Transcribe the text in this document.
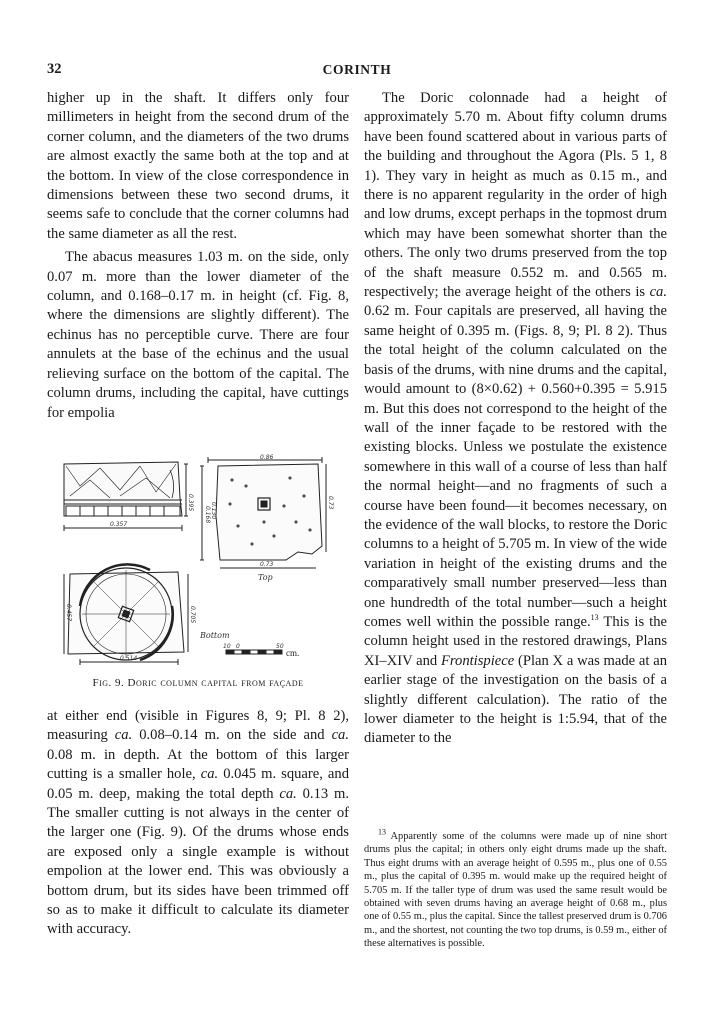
32	CORINTH

higher up in the shaft. It differs only four millimeters in height from the second drum of the corner column, and the diameters of the two drums are almost exactly the same both at the top and at the bottom. In view of the close correspondence in dimensions between these two second drums, it seems safe to conclude that the corner columns had the same diameter as all the rest.

The abacus measures 1.03 m. on the side, only 0.07 m. more than the lower diameter of the column, and 0.168–0.17 m. in height (cf. Fig. 8, where the dimensions are slightly different). The echinus has no perceptible curve. There are four annulets at the base of the echinus and the usual relieving surface on the bottom of the capital. The column drums, including the capital, have cuttings for empolia

0.395
0.357
0.86
0.168 0.130	0.73
0.73
Top
0.457	0.705
0.514
Bottom
10 0	50
cm.
Fig. 9. Doric column capital from façade

at either end (visible in Figures 8, 9; Pl. 8 2), measuring ca. 0.08–0.14 m. on the side and ca. 0.08 m. in depth. At the bottom of this larger cutting is a smaller hole, ca. 0.045 m. square, and 0.05 m. deep, making the total depth ca. 0.13 m. The smaller cutting is not always in the center of the larger one (Fig. 9). Of the drums whose ends are exposed only a single example is without empolion at the lower end. This was obviously a bottom drum, but its sides have been trimmed off so as to make it difficult to calculate its diameter with accuracy.

The Doric colonnade had a height of approximately 5.70 m. About fifty column drums have been found scattered about in various parts of the building and throughout the Agora (Pls. 5 1, 8 1). They vary in height as much as 0.15 m., and there is no apparent regularity in the order of high and low drums, except perhaps in the topmost drum which may have been somewhat shorter than the others. The only two drums preserved from the top of the shaft measure 0.552 m. and 0.565 m. respectively; the average height of the others is ca. 0.62 m. Four capitals are preserved, all having the same height of 0.395 m. (Figs. 8, 9; Pl. 8 2). Thus the total height of the column calculated on the basis of the drums, with nine drums and the capital, would amount to (8×0.62) + 0.560+0.395 = 5.915 m. But this does not correspond to the height of the wall of the inner façade to be restored with the existing blocks. Unless we postulate the existence somewhere in this wall of a course of less than half the normal height—and no fragments of such a course have been found—it becomes necessary, on the evidence of the wall blocks, to restore the Doric columns to a height of 5.705 m. In view of the wide variation in height of the existing drums and the comparatively small number preserved—less than one hundredth of the total number—such a height comes well within the possible range.$^{13}$ This is the column height used in the restored drawings, Plans XI–XIV and Frontispiece (Plan X a was made at an earlier stage of the investigation on the basis of a slightly different calculation). The ratio of the lower diameter to the height is 1:5.94, that of the diameter to the

$^{13}$ Apparently some of the columns were made up of nine short drums plus the capital; in others only eight drums made up the shaft. Thus eight drums with an average height of 0.595 m., plus one of 0.55 m., plus the capital of 0.395 m. would make up the required height of 5.705 m. If the taller type of drum was used the same result would be obtained with seven drums having an average height of 0.68 m., plus one of 0.55 m., plus the capital. Since the tallest preserved drum is 0.706 m., and the shortest, not counting the two top drums, is 0.59 m., either of these alternatives is possible.
